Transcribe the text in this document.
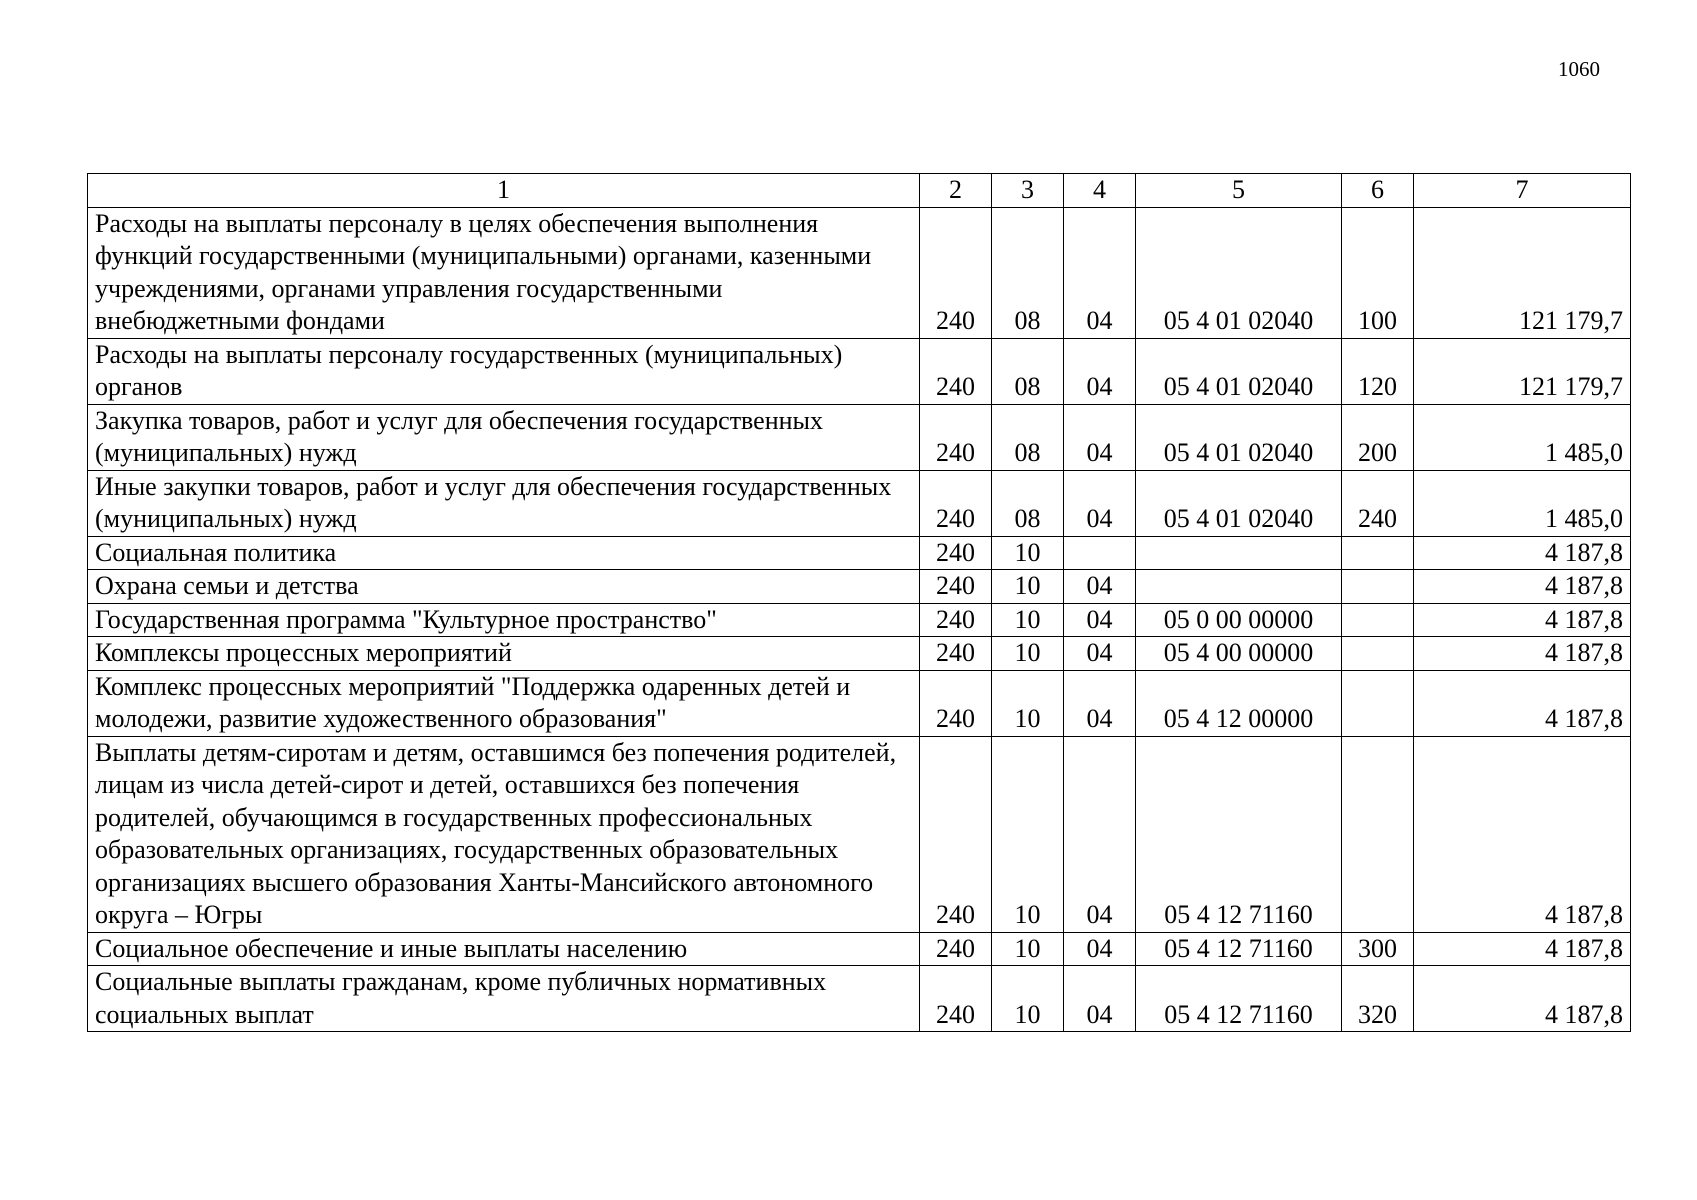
1060
1	2	3	4	5	6	7
Расходы на выплаты персоналу в целях обеспечения выполнения функций государственными (муниципальными) органами, казенными учреждениями, органами управления государственными внебюджетными фондами	240	08	04	05 4 01 02040	100	121 179,7
Расходы на выплаты персоналу государственных (муниципальных) органов	240	08	04	05 4 01 02040	120	121 179,7
Закупка товаров, работ и услуг для обеспечения государственных (муниципальных) нужд	240	08	04	05 4 01 02040	200	1 485,0
Иные закупки товаров, работ и услуг для обеспечения государственных (муниципальных) нужд	240	08	04	05 4 01 02040	240	1 485,0
Социальная политика	240	10				4 187,8
Охрана семьи и детства	240	10	04			4 187,8
Государственная программа "Культурное пространство"	240	10	04	05 0 00 00000		4 187,8
Комплексы процессных мероприятий	240	10	04	05 4 00 00000		4 187,8
Комплекс процессных мероприятий "Поддержка одаренных детей и молодежи, развитие художественного образования"	240	10	04	05 4 12 00000		4 187,8
Выплаты детям-сиротам и детям, оставшимся без попечения родителей, лицам из числа детей-сирот и детей, оставшихся без попечения родителей, обучающимся в государственных профессиональных образовательных организациях, государственных образовательных организациях высшего образования Ханты-Мансийского автономного округа – Югры	240	10	04	05 4 12 71160		4 187,8
Социальное обеспечение и иные выплаты населению	240	10	04	05 4 12 71160	300	4 187,8
Социальные выплаты гражданам, кроме публичных нормативных социальных выплат	240	10	04	05 4 12 71160	320	4 187,8
